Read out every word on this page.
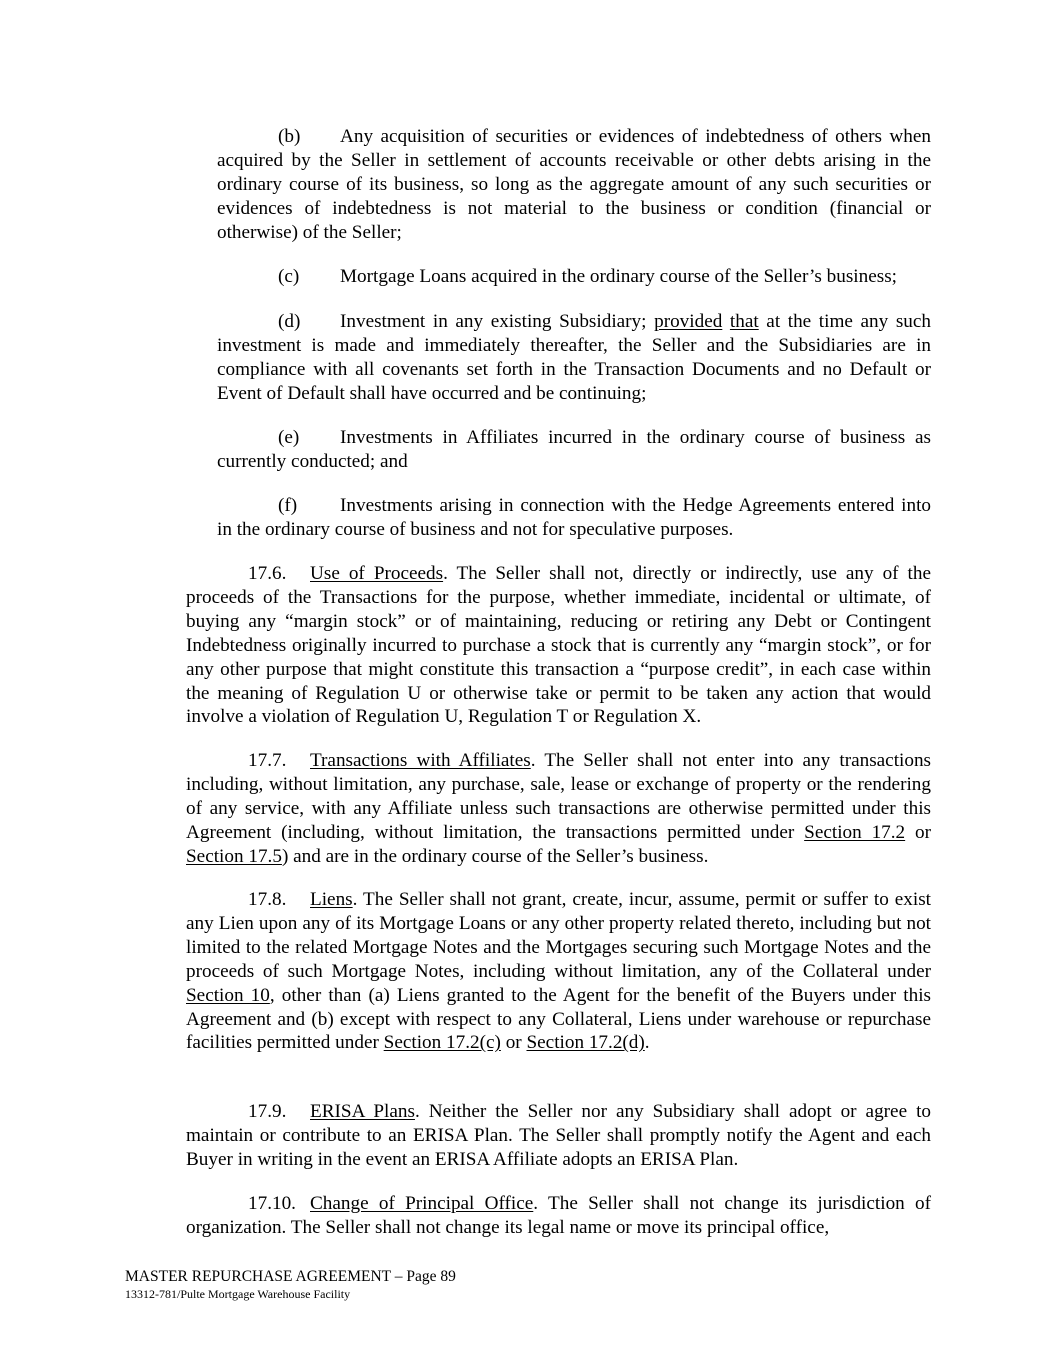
(b) Any acquisition of securities or evidences of indebtedness of others when acquired by the Seller in settlement of accounts receivable or other debts arising in the ordinary course of its business, so long as the aggregate amount of any such securities or evidences of indebtedness is not material to the business or condition (financial or otherwise) of the Seller;

(c) Mortgage Loans acquired in the ordinary course of the Seller’s business;

(d) Investment in any existing Subsidiary; provided that at the time any such investment is made and immediately thereafter, the Seller and the Subsidiaries are in compliance with all covenants set forth in the Transaction Documents and no Default or Event of Default shall have occurred and be continuing;

(e) Investments in Affiliates incurred in the ordinary course of business as currently conducted; and

(f) Investments arising in connection with the Hedge Agreements entered into in the ordinary course of business and not for speculative purposes.

17.6. Use of Proceeds. The Seller shall not, directly or indirectly, use any of the proceeds of the Transactions for the purpose, whether immediate, incidental or ultimate, of buying any “margin stock” or of maintaining, reducing or retiring any Debt or Contingent Indebtedness originally incurred to purchase a stock that is currently any “margin stock”, or for any other purpose that might constitute this transaction a “purpose credit”, in each case within the meaning of Regulation U or otherwise take or permit to be taken any action that would involve a violation of Regulation U, Regulation T or Regulation X.

17.7. Transactions with Affiliates. The Seller shall not enter into any transactions including, without limitation, any purchase, sale, lease or exchange of property or the rendering of any service, with any Affiliate unless such transactions are otherwise permitted under this Agreement (including, without limitation, the transactions permitted under Section 17.2 or Section 17.5) and are in the ordinary course of the Seller’s business.

17.8. Liens. The Seller shall not grant, create, incur, assume, permit or suffer to exist any Lien upon any of its Mortgage Loans or any other property related thereto, including but not limited to the related Mortgage Notes and the Mortgages securing such Mortgage Notes and the proceeds of such Mortgage Notes, including without limitation, any of the Collateral under Section 10, other than (a) Liens granted to the Agent for the benefit of the Buyers under this Agreement and (b) except with respect to any Collateral, Liens under warehouse or repurchase facilities permitted under Section 17.2(c) or Section 17.2(d).

17.9. ERISA Plans. Neither the Seller nor any Subsidiary shall adopt or agree to maintain or contribute to an ERISA Plan. The Seller shall promptly notify the Agent and each Buyer in writing in the event an ERISA Affiliate adopts an ERISA Plan.

17.10. Change of Principal Office. The Seller shall not change its jurisdiction of organization. The Seller shall not change its legal name or move its principal office,

MASTER REPURCHASE AGREEMENT – Page 89
13312-781/Pulte Mortgage Warehouse Facility
